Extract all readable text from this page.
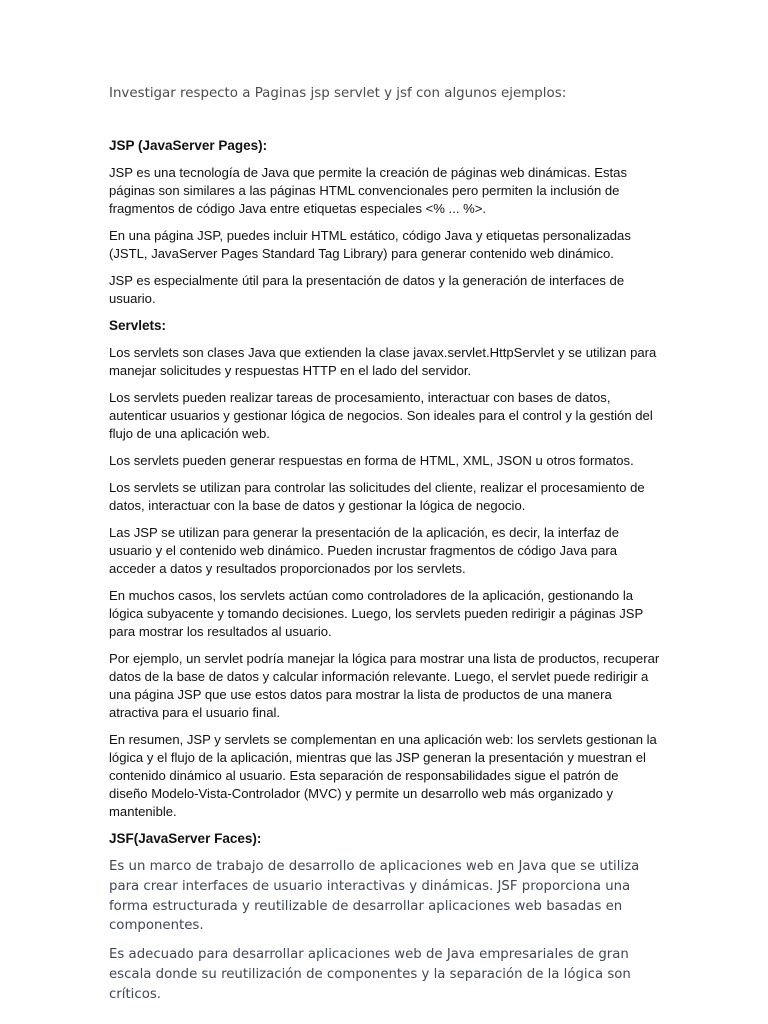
Investigar respecto a Paginas jsp servlet y jsf con algunos ejemplos:

JSP (JavaServer Pages):

JSP es una tecnología de Java que permite la creación de páginas web dinámicas. Estas páginas son similares a las páginas HTML convencionales pero permiten la inclusión de fragmentos de código Java entre etiquetas especiales <% ... %>.

En una página JSP, puedes incluir HTML estático, código Java y etiquetas personalizadas (JSTL, JavaServer Pages Standard Tag Library) para generar contenido web dinámico.

JSP es especialmente útil para la presentación de datos y la generación de interfaces de usuario.

Servlets:

Los servlets son clases Java que extienden la clase javax.servlet.HttpServlet y se utilizan para manejar solicitudes y respuestas HTTP en el lado del servidor.

Los servlets pueden realizar tareas de procesamiento, interactuar con bases de datos, autenticar usuarios y gestionar lógica de negocios. Son ideales para el control y la gestión del flujo de una aplicación web.

Los servlets pueden generar respuestas en forma de HTML, XML, JSON u otros formatos.

Los servlets se utilizan para controlar las solicitudes del cliente, realizar el procesamiento de datos, interactuar con la base de datos y gestionar la lógica de negocio.

Las JSP se utilizan para generar la presentación de la aplicación, es decir, la interfaz de usuario y el contenido web dinámico. Pueden incrustar fragmentos de código Java para acceder a datos y resultados proporcionados por los servlets.

En muchos casos, los servlets actúan como controladores de la aplicación, gestionando la lógica subyacente y tomando decisiones. Luego, los servlets pueden redirigir a páginas JSP para mostrar los resultados al usuario.

Por ejemplo, un servlet podría manejar la lógica para mostrar una lista de productos, recuperar datos de la base de datos y calcular información relevante. Luego, el servlet puede redirigir a una página JSP que use estos datos para mostrar la lista de productos de una manera atractiva para el usuario final.

En resumen, JSP y servlets se complementan en una aplicación web: los servlets gestionan la lógica y el flujo de la aplicación, mientras que las JSP generan la presentación y muestran el contenido dinámico al usuario. Esta separación de responsabilidades sigue el patrón de diseño Modelo-Vista-Controlador (MVC) y permite un desarrollo web más organizado y mantenible.

JSF(JavaServer Faces):

Es un marco de trabajo de desarrollo de aplicaciones web en Java que se utiliza para crear interfaces de usuario interactivas y dinámicas. JSF proporciona una forma estructurada y reutilizable de desarrollar aplicaciones web basadas en componentes.

Es adecuado para desarrollar aplicaciones web de Java empresariales de gran escala donde su reutilización de componentes y la separación de la lógica son críticos.
